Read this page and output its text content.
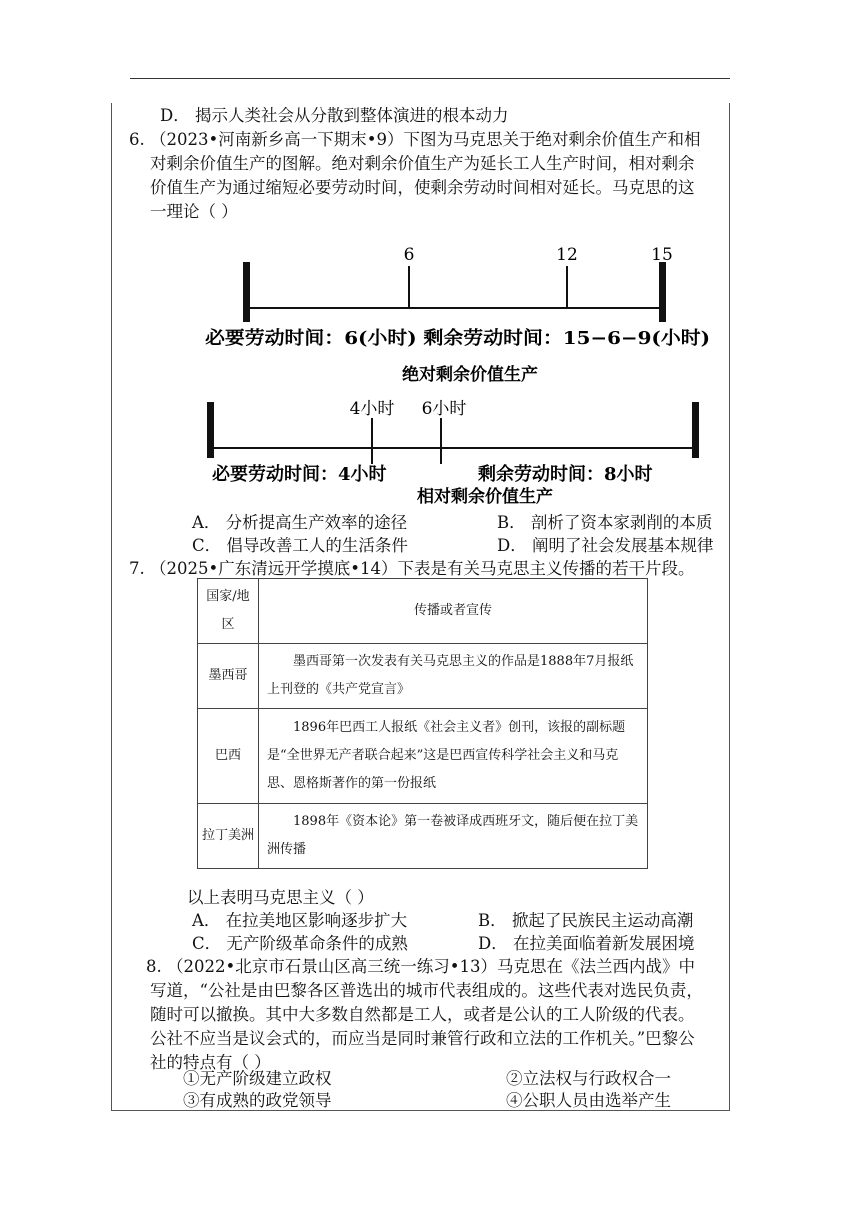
D． 揭示人类社会从分散到整体演进的根本动力
6. （2023•河南新乡高一下期末•9）下图为马克思关于绝对剩余价值生产和相
对剩余价值生产的图解。绝对剩余价值生产为延长工人生产时间，相对剩余
价值生产为通过缩短必要劳动时间，使剩余劳动时间相对延长。马克思的这
一理论（ ）
6	12	15
必要劳动时间：6(小时) 剩余劳动时间：15−6−9(小时)
绝对剩余价值生产
4小时 6小时
必要劳动时间：4小时	剩余劳动时间：8小时
相对剩余价值生产
A． 分析提高生产效率的途径	B． 剖析了资本家剥削的本质
C． 倡导改善工人的生活条件	D． 阐明了社会发展基本规律
7. （2025•广东清远开学摸底•14）下表是有关马克思主义传播的若干片段。
国家/地区	传播或者宣传
墨西哥	墨西哥第一次发表有关马克思主义的作品是1888年7月报纸上刊登的《共产党宣言》
巴西	1896年巴西工人报纸《社会主义者》创刊，该报的副标题是“全世界无产者联合起来”这是巴西宣传科学社会主义和马克思、恩格斯著作的第一份报纸
拉丁美洲	1898年《资本论》第一卷被译成西班牙文，随后便在拉丁美洲传播
以上表明马克思主义（ ）
A． 在拉美地区影响逐步扩大	B． 掀起了民族民主运动高潮
C． 无产阶级革命条件的成熟	D． 在拉美面临着新发展困境
8. （2022•北京市石景山区高三统一练习•13）马克思在《法兰西内战》中
写道，“公社是由巴黎各区普选出的城市代表组成的。这些代表对选民负责，
随时可以撤换。其中大多数自然都是工人，或者是公认的工人阶级的代表。
公社不应当是议会式的，而应当是同时兼管行政和立法的工作机关。”巴黎公
社的特点有（ ）
①无产阶级建立政权	②立法权与行政权合一
③有成熟的政党领导	④公职人员由选举产生
